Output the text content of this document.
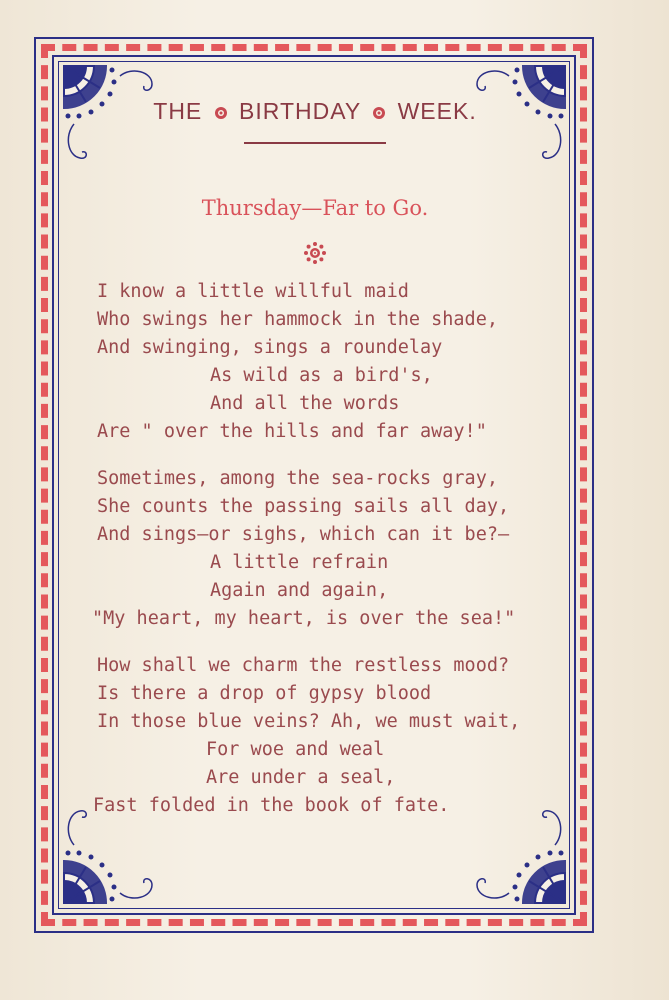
THE BIRTHDAY WEEK.
Thursday—Far to Go.
I know a little willful maid
Who swings her hammock in the shade,
And swinging, sings a roundelay
As wild as a bird's,
And all the words
Are " over the hills and far away!"
Sometimes, among the sea-rocks gray,
She counts the passing sails all day,
And sings—or sighs, which can it be?—
A little refrain
Again and again,
"My heart, my heart, is over the sea!"
How shall we charm the restless mood?
Is there a drop of gypsy blood
In those blue veins? Ah, we must wait,
For woe and weal
Are under a seal,
Fast folded in the book of fate.
